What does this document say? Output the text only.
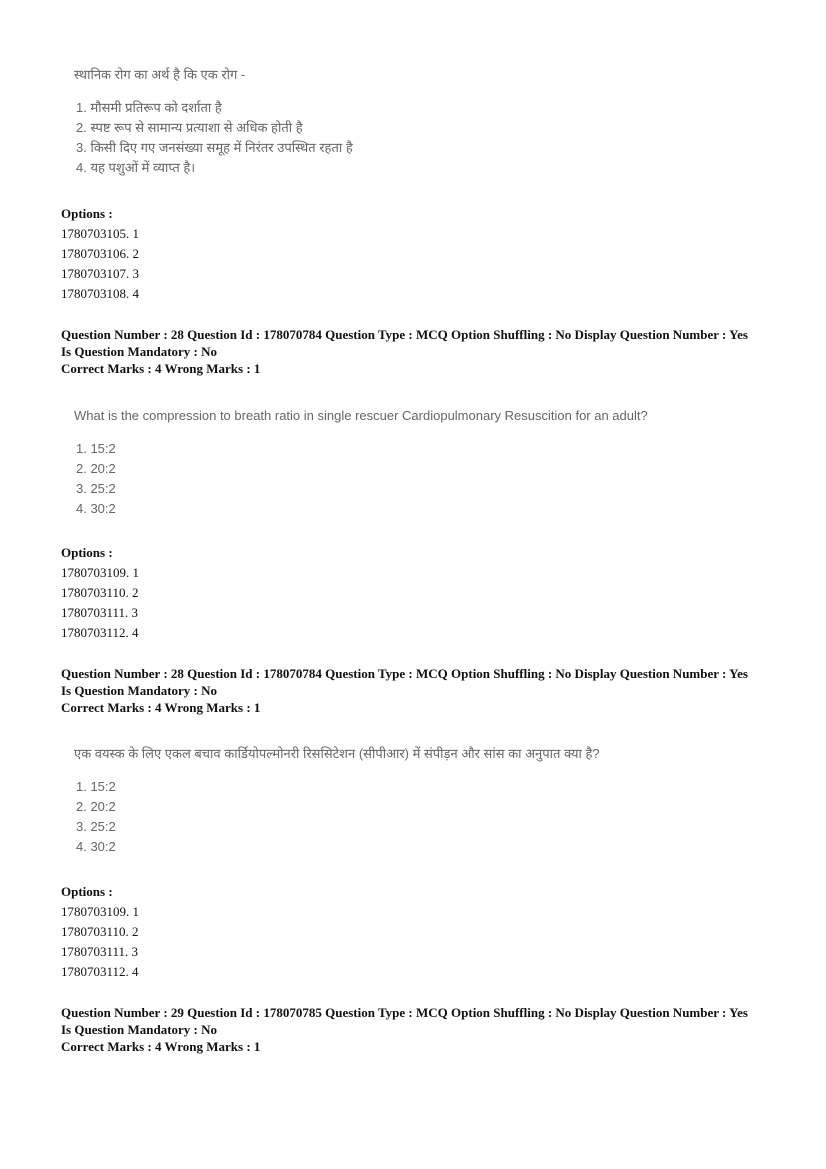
स्थानिक रोग का अर्थ है कि एक रोग -

1. मौसमी प्रतिरूप को दर्शाता है

2. स्पष्ट रूप से सामान्य प्रत्याशा से अधिक होती है

3. किसी दिए गए जनसंख्या समूह में निरंतर उपस्थित रहता है

4. यह पशुओं में व्याप्त है।

Options :

1780703105. 1

1780703106. 2

1780703107. 3

1780703108. 4

Question Number : 28 Question Id : 178070784 Question Type : MCQ Option Shuffling : No Display Question Number : Yes

Is Question Mandatory : No

Correct Marks : 4 Wrong Marks : 1

What is the compression to breath ratio in single rescuer Cardiopulmonary Resuscition for an adult?

1. 15:2

2. 20:2

3. 25:2

4. 30:2

Options :

1780703109. 1

1780703110. 2

1780703111. 3

1780703112. 4

Question Number : 28 Question Id : 178070784 Question Type : MCQ Option Shuffling : No Display Question Number : Yes

Is Question Mandatory : No

Correct Marks : 4 Wrong Marks : 1

एक वयस्क के लिए एकल बचाव कार्डियोपल्मोनरी रिससिटेशन (सीपीआर) में संपीड़न और सांस का अनुपात क्या है?

1. 15:2

2. 20:2

3. 25:2

4. 30:2

Options :

1780703109. 1

1780703110. 2

1780703111. 3

1780703112. 4

Question Number : 29 Question Id : 178070785 Question Type : MCQ Option Shuffling : No Display Question Number : Yes

Is Question Mandatory : No

Correct Marks : 4 Wrong Marks : 1
